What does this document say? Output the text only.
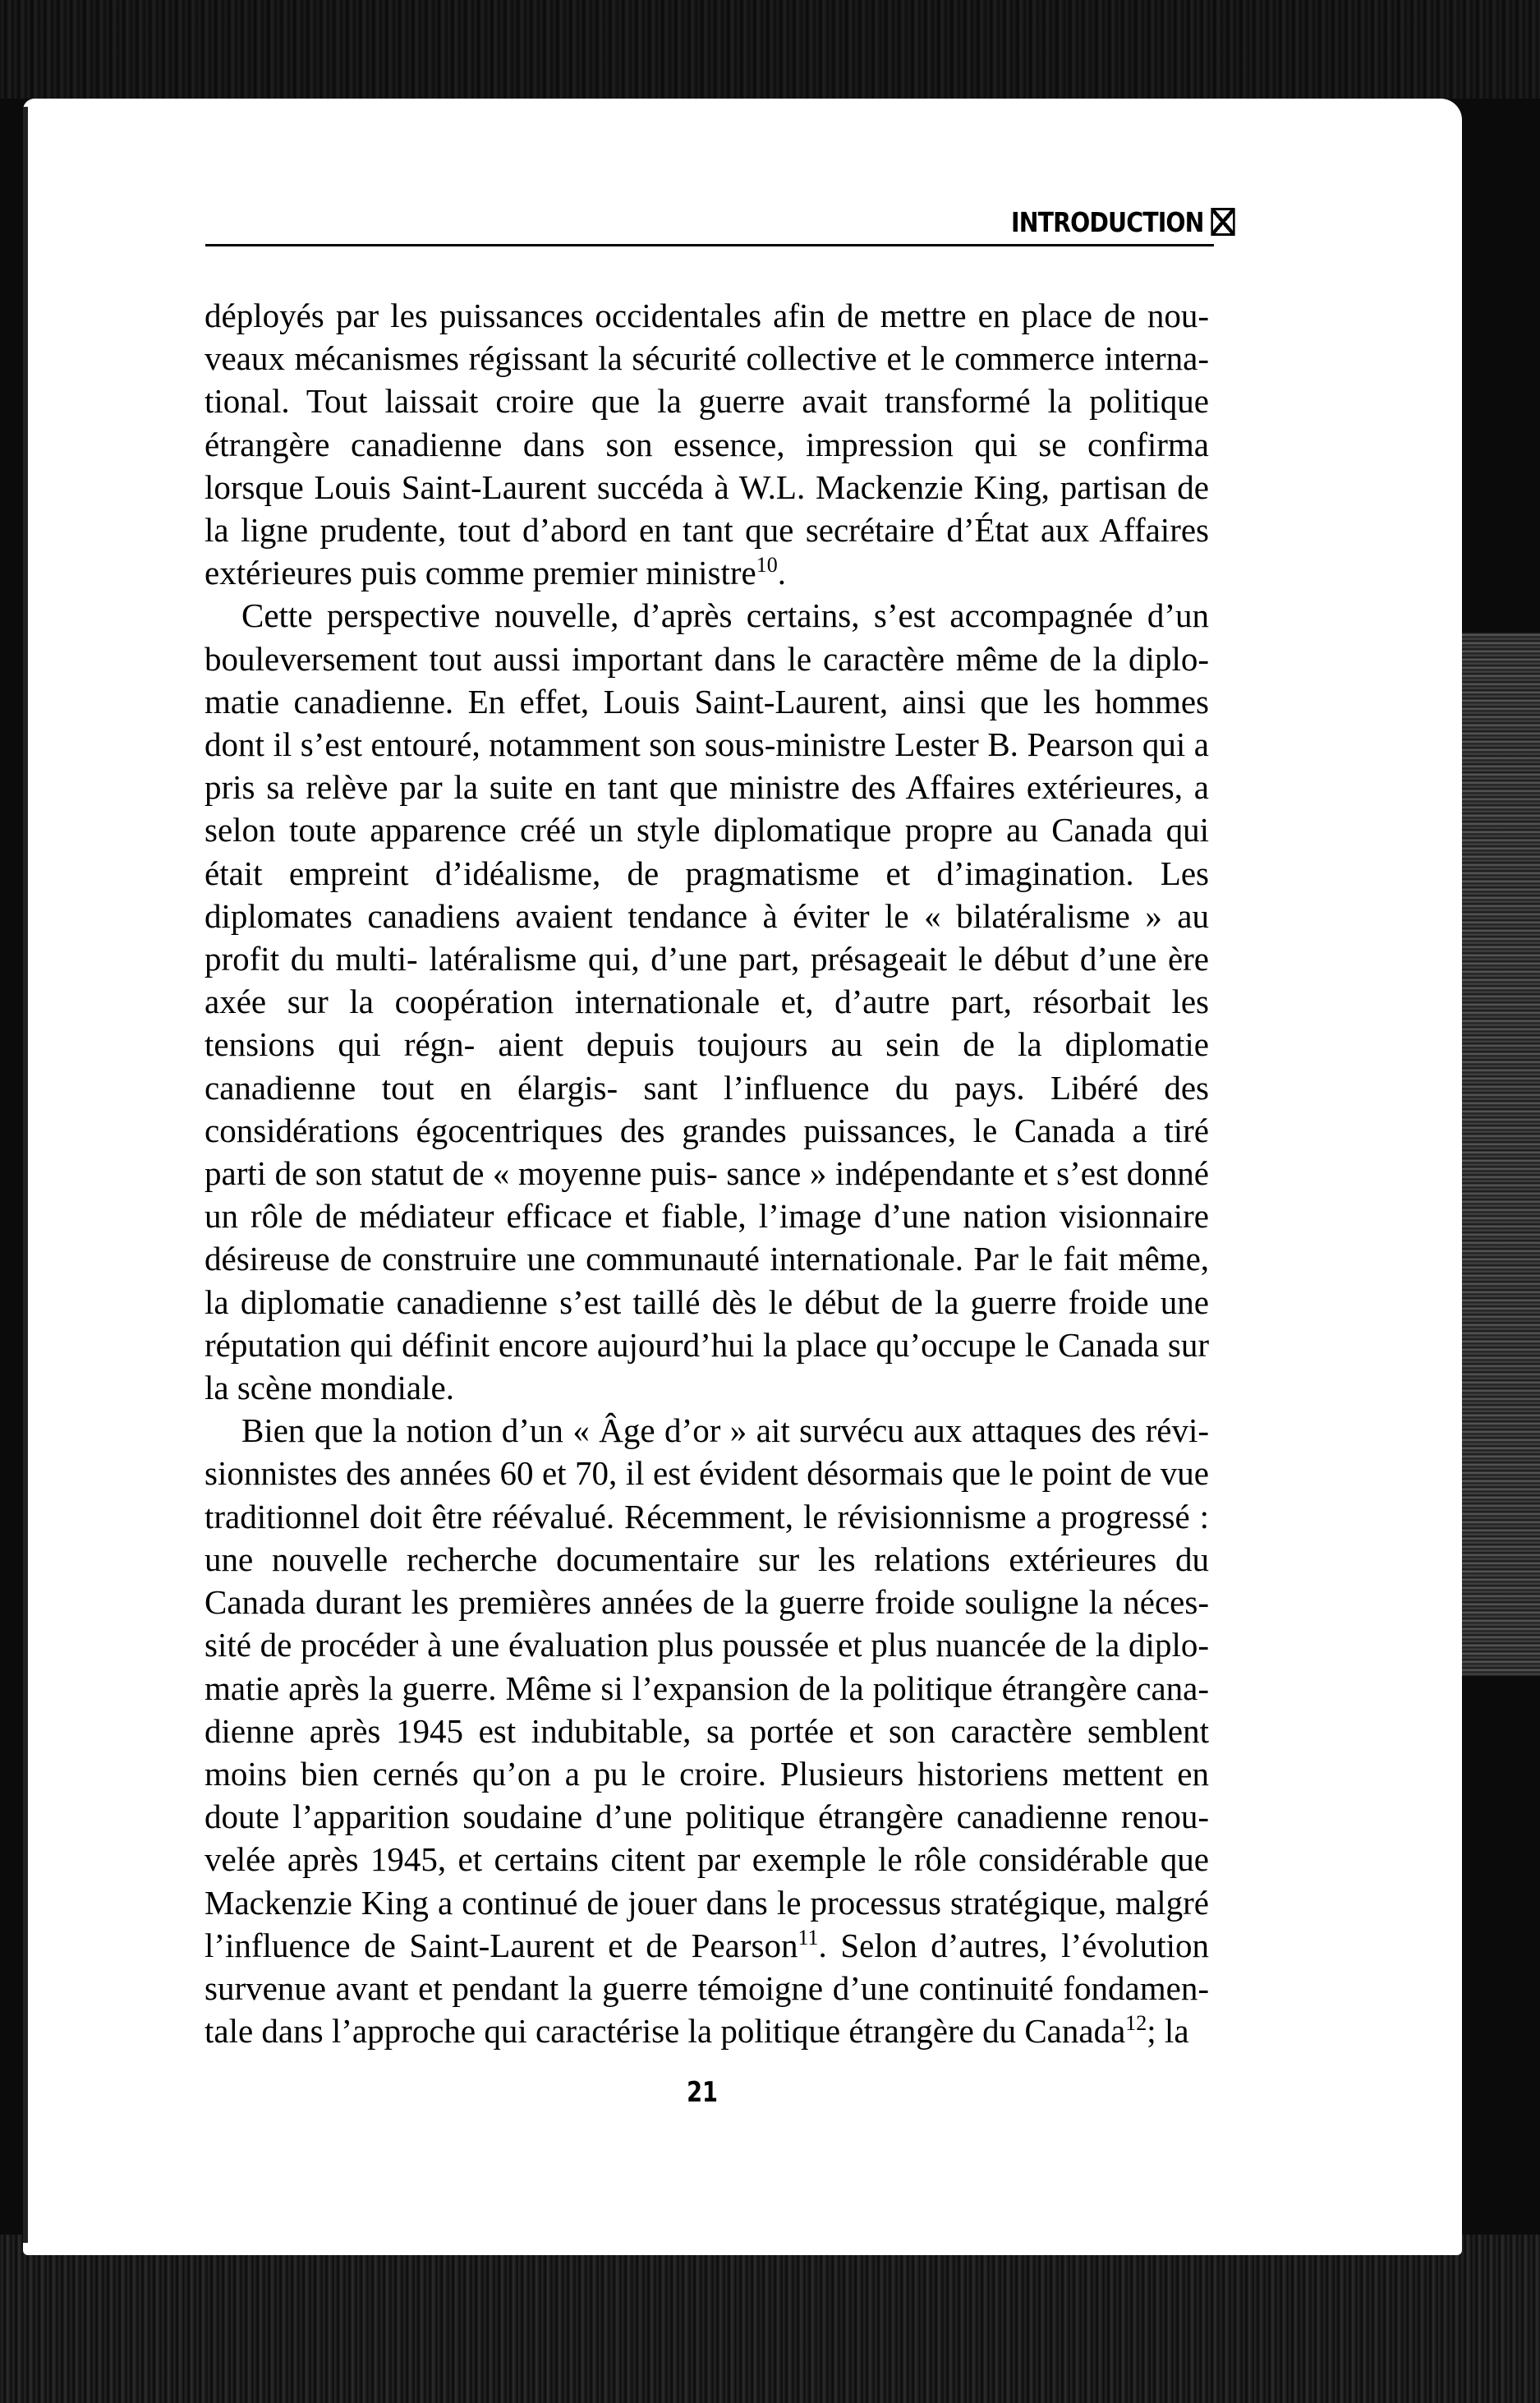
INTRODUCTION

déployés par les puissances occidentales afin de mettre en place de nou- veaux mécanismes régissant la sécurité collective et le commerce interna- tional. Tout laissait croire que la guerre avait transformé la politique étrangère canadienne dans son essence, impression qui se confirma lorsque Louis Saint-Laurent succéda à W.L. Mackenzie King, partisan de la ligne prudente, tout d’abord en tant que secrétaire d’État aux Affaires extérieures puis comme premier ministre$^{10}$.

Cette perspective nouvelle, d’après certains, s’est accompagnée d’un bouleversement tout aussi important dans le caractère même de la diplo- matie canadienne. En effet, Louis Saint-Laurent, ainsi que les hommes dont il s’est entouré, notamment son sous-ministre Lester B. Pearson qui a pris sa relève par la suite en tant que ministre des Affaires extérieures, a selon toute apparence créé un style diplomatique propre au Canada qui était empreint d’idéalisme, de pragmatisme et d’imagination. Les diplomates canadiens avaient tendance à éviter le « bilatéralisme » au profit du multi- latéralisme qui, d’une part, présageait le début d’une ère axée sur la coopération internationale et, d’autre part, résorbait les tensions qui régn- aient depuis toujours au sein de la diplomatie canadienne tout en élargis- sant l’influence du pays. Libéré des considérations égocentriques des grandes puissances, le Canada a tiré parti de son statut de « moyenne puis- sance » indépendante et s’est donné un rôle de médiateur efficace et fiable, l’image d’une nation visionnaire désireuse de construire une communauté internationale. Par le fait même, la diplomatie canadienne s’est taillé dès le début de la guerre froide une réputation qui définit encore aujourd’hui la place qu’occupe le Canada sur la scène mondiale.

Bien que la notion d’un « Âge d’or » ait survécu aux attaques des révi- sionnistes des années 60 et 70, il est évident désormais que le point de vue traditionnel doit être réévalué. Récemment, le révisionnisme a progressé : une nouvelle recherche documentaire sur les relations extérieures du Canada durant les premières années de la guerre froide souligne la néces- sité de procéder à une évaluation plus poussée et plus nuancée de la diplo- matie après la guerre. Même si l’expansion de la politique étrangère cana- dienne après 1945 est indubitable, sa portée et son caractère semblent moins bien cernés qu’on a pu le croire. Plusieurs historiens mettent en doute l’apparition soudaine d’une politique étrangère canadienne renou- velée après 1945, et certains citent par exemple le rôle considérable que Mackenzie King a continué de jouer dans le processus stratégique, malgré l’influence de Saint-Laurent et de Pearson$^{11}$. Selon d’autres, l’évolution survenue avant et pendant la guerre témoigne d’une continuité fondamen- tale dans l’approche qui caractérise la politique étrangère du Canada$^{12}$; la

21
